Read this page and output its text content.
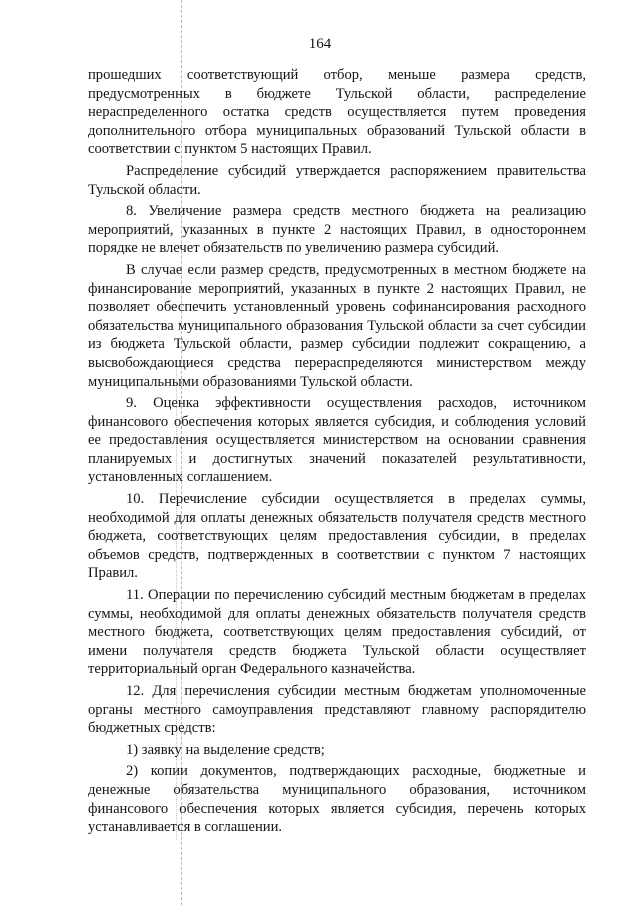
164

прошедших соответствующий отбор, меньше размера средств, предусмотренных в бюджете Тульской области, распределение нераспределенного остатка средств осуществляется путем проведения дополнительного отбора муниципальных образований Тульской области в соответствии с пунктом 5 настоящих Правил.

Распределение субсидий утверждается распоряжением правительства Тульской области.

8. Увеличение размера средств местного бюджета на реализацию мероприятий, указанных в пункте 2 настоящих Правил, в одностороннем порядке не влечет обязательств по увеличению размера субсидий.

В случае если размер средств, предусмотренных в местном бюджете на финансирование мероприятий, указанных в пункте 2 настоящих Правил, не позволяет обеспечить установленный уровень софинансирования расходного обязательства муниципального образования Тульской области за счет субсидии из бюджета Тульской области, размер субсидии подлежит сокращению, а высвобождающиеся средства перераспределяются министерством между муниципальными образованиями Тульской области.

9. Оценка эффективности осуществления расходов, источником финансового обеспечения которых является субсидия, и соблюдения условий ее предоставления осуществляется министерством на основании сравнения планируемых и достигнутых значений показателей результативности, установленных соглашением.

10. Перечисление субсидии осуществляется в пределах суммы, необходимой для оплаты денежных обязательств получателя средств местного бюджета, соответствующих целям предоставления субсидии, в пределах объемов средств, подтвержденных в соответствии с пунктом 7 настоящих Правил.

11. Операции по перечислению субсидий местным бюджетам в пределах суммы, необходимой для оплаты денежных обязательств получателя средств местного бюджета, соответствующих целям предоставления субсидий, от имени получателя средств бюджета Тульской области осуществляет территориальный орган Федерального казначейства.

12. Для перечисления субсидии местным бюджетам уполномоченные органы местного самоуправления представляют главному распорядителю бюджетных средств:

1) заявку на выделение средств;

2) копии документов, подтверждающих расходные, бюджетные и денежные обязательства муниципального образования, источником финансового обеспечения которых является субсидия, перечень которых устанавливается в соглашении.
